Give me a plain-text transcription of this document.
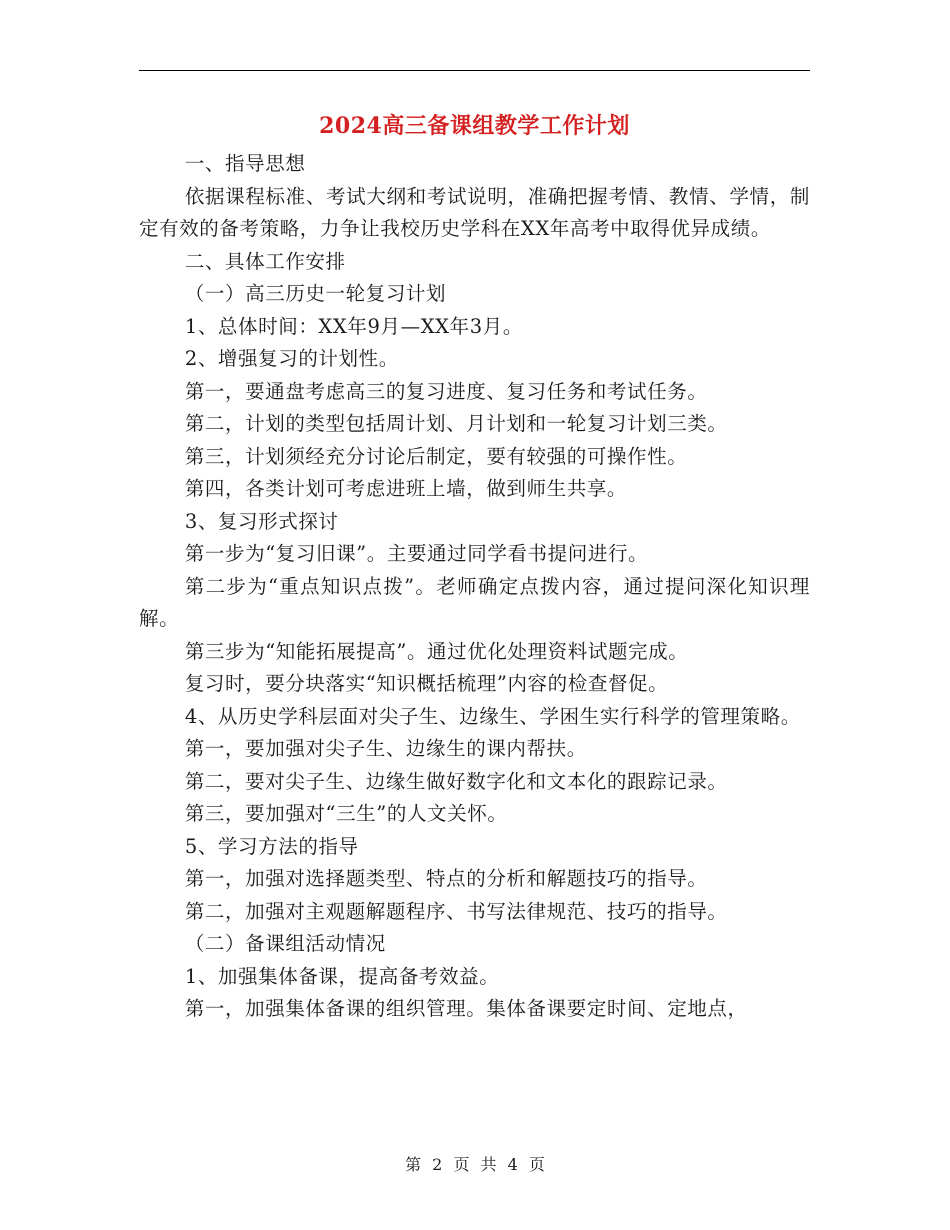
2024高三备课组教学工作计划

一、指导思想

依据课程标准、考试大纲和考试说明，准确把握考情、教情、学情，制定有效的备考策略，力争让我校历史学科在XX年高考中取得优异成绩。

二、具体工作安排

（一）高三历史一轮复习计划

1、总体时间：XX年9月—XX年3月。

2、增强复习的计划性。

第一，要通盘考虑高三的复习进度、复习任务和考试任务。

第二，计划的类型包括周计划、月计划和一轮复习计划三类。

第三，计划须经充分讨论后制定，要有较强的可操作性。

第四，各类计划可考虑进班上墙，做到师生共享。

3、复习形式探讨

第一步为“复习旧课”。主要通过同学看书提问进行。

第二步为“重点知识点拨”。老师确定点拨内容，通过提问深化知识理解。

第三步为“知能拓展提高”。通过优化处理资料试题完成。

复习时，要分块落实“知识概括梳理”内容的检查督促。

4、从历史学科层面对尖子生、边缘生、学困生实行科学的管理策略。

第一，要加强对尖子生、边缘生的课内帮扶。

第二，要对尖子生、边缘生做好数字化和文本化的跟踪记录。

第三，要加强对“三生”的人文关怀。

5、学习方法的指导

第一，加强对选择题类型、特点的分析和解题技巧的指导。

第二，加强对主观题解题程序、书写法律规范、技巧的指导。

（二）备课组活动情况

1、加强集体备课，提高备考效益。

第一，加强集体备课的组织管理。集体备课要定时间、定地点，

第 2 页 共 4 页
